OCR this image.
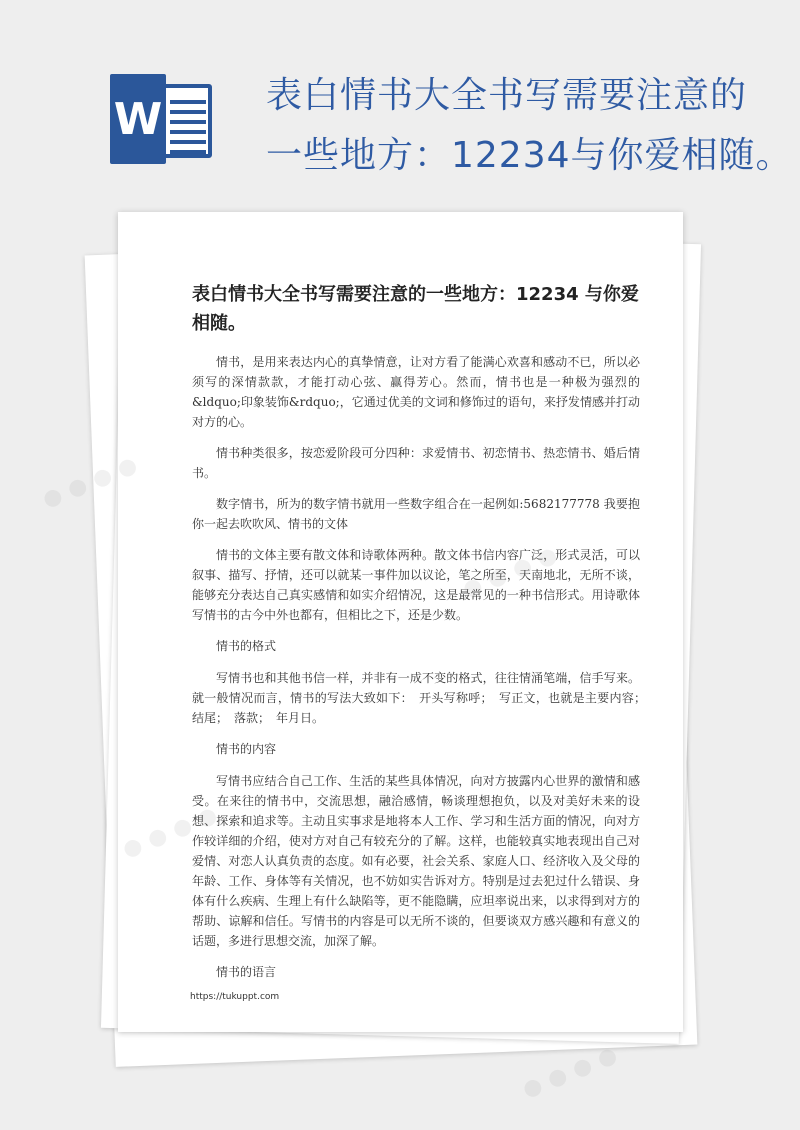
W	表白情书大全书写需要注意的
一些地方：12234与你爱相随。
表白情书大全书写需要注意的一些地方：12234 与你爱相随。

情书，是用来表达内心的真挚情意，让对方看了能满心欢喜和感动不已，所以必须写的深情款款，才能打动心弦、赢得芳心。然而，情书也是一种极为强烈的&ldquo;印象装饰&rdquo;，它通过优美的文词和修饰过的语句，来抒发情感并打动对方的心。

情书种类很多，按恋爱阶段可分四种：求爱情书、初恋情书、热恋情书、婚后情书。

数字情书，所为的数字情书就用一些数字组合在一起例如:5682177778 我要抱你一起去吹吹风、情书的文体

情书的文体主要有散文体和诗歌体两种。散文体书信内容广泛，形式灵活，可以叙事、描写、抒情，还可以就某一事件加以议论，笔之所至，天南地北，无所不谈，能够充分表达自己真实感情和如实介绍情况，这是最常见的一种书信形式。用诗歌体写情书的古今中外也都有，但相比之下，还是少数。

情书的格式

写情书也和其他书信一样，并非有一成不变的格式，往往情涌笔端，信手写来。就一般情况而言，情书的写法大致如下：　开头写称呼；　写正文，也就是主要内容；　结尾；　落款；　年月日。

情书的内容

写情书应结合自己工作、生活的某些具体情况，向对方披露内心世界的激情和感受。在来往的情书中，交流思想，融洽感情，畅谈理想抱负，以及对美好未来的设想、探索和追求等。主动且实事求是地将本人工作、学习和生活方面的情况，向对方作较详细的介绍，使对方对自己有较充分的了解。这样，也能较真实地表现出自己对爱情、对恋人认真负责的态度。如有必要，社会关系、家庭人口、经济收入及父母的年龄、工作、身体等有关情况，也不妨如实告诉对方。特别是过去犯过什么错误、身体有什么疾病、生理上有什么缺陷等，更不能隐瞒，应坦率说出来，以求得到对方的帮助、谅解和信任。写情书的内容是可以无所不谈的，但要谈双方感兴趣和有意义的话题，多进行思想交流，加深了解。

情书的语言

https://tukuppt.com
● ● ● ●
● ● ● ●
